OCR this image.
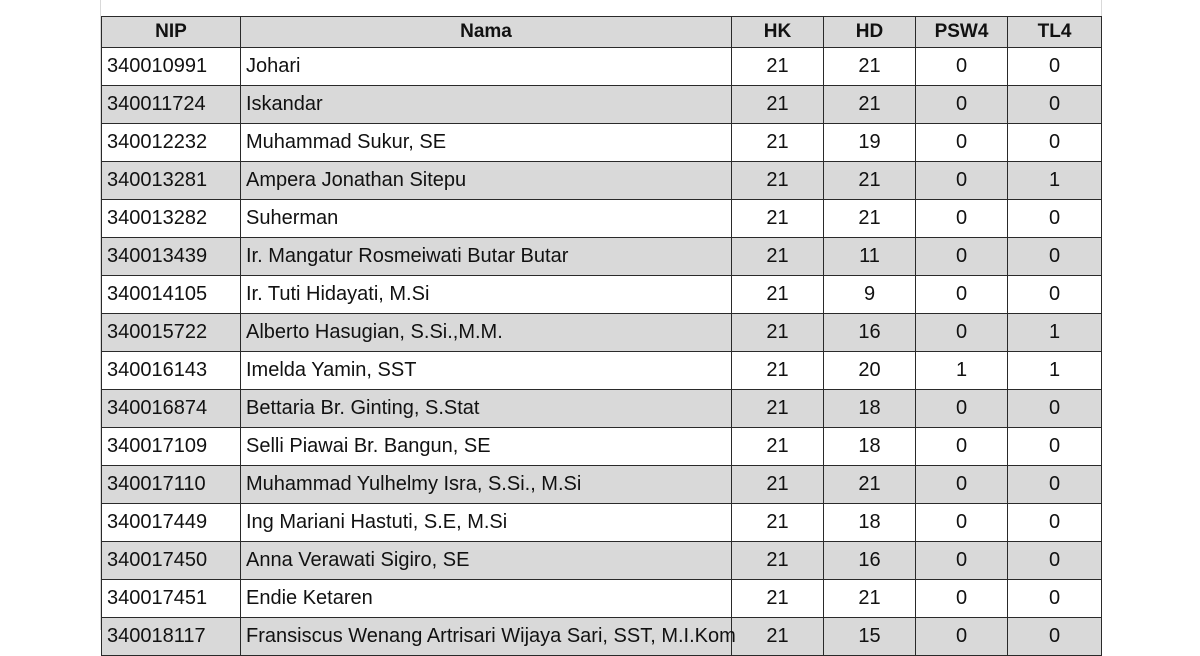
NIP	Nama	HK	HD	PSW4	TL4
340010991	Johari	21	21	0	0
340011724	Iskandar	21	21	0	0
340012232	Muhammad Sukur, SE	21	19	0	0
340013281	Ampera Jonathan Sitepu	21	21	0	1
340013282	Suherman	21	21	0	0
340013439	Ir. Mangatur Rosmeiwati Butar Butar	21	11	0	0
340014105	Ir. Tuti Hidayati, M.Si	21	9	0	0
340015722	Alberto Hasugian, S.Si.,M.M.	21	16	0	1
340016143	Imelda Yamin, SST	21	20	1	1
340016874	Bettaria Br. Ginting, S.Stat	21	18	0	0
340017109	Selli Piawai Br. Bangun, SE	21	18	0	0
340017110	Muhammad Yulhelmy Isra, S.Si., M.Si	21	21	0	0
340017449	Ing Mariani Hastuti, S.E, M.Si	21	18	0	0
340017450	Anna Verawati Sigiro, SE	21	16	0	0
340017451	Endie Ketaren	21	21	0	0
340018117	Fransiscus Wenang Artrisari Wijaya Sari, SST, M.I.Kom	21	15	0	0
